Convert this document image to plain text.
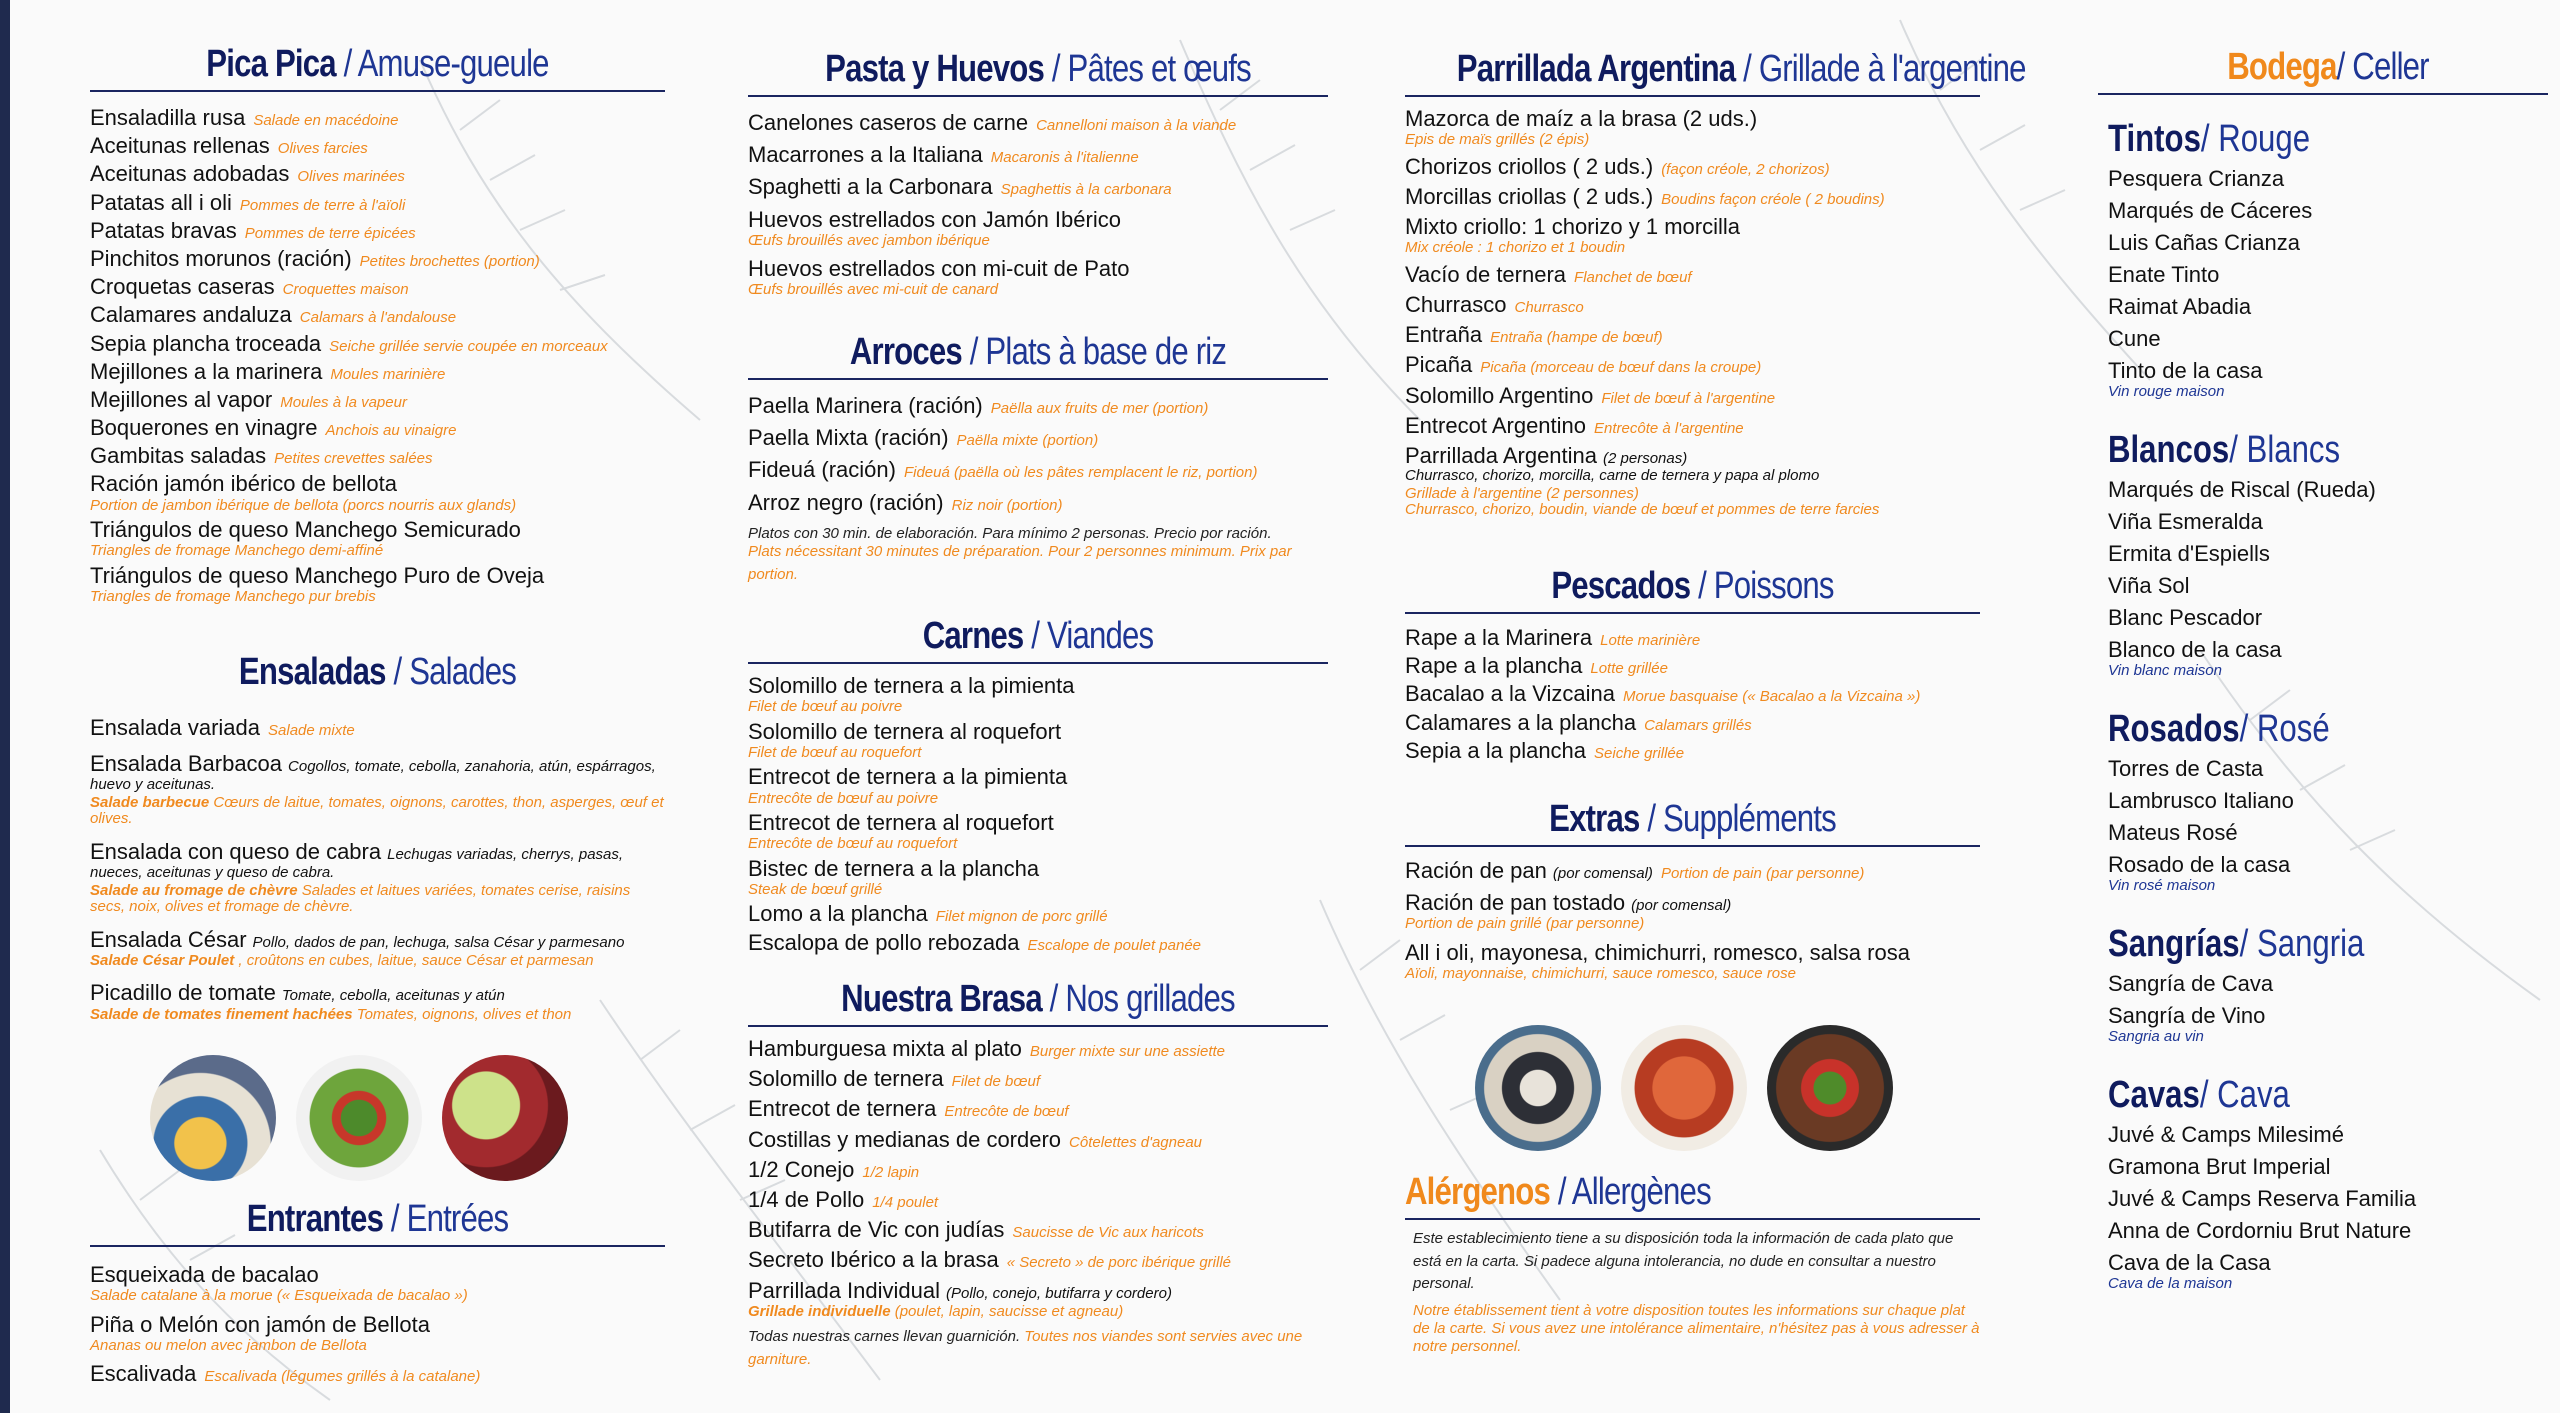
Pica Pica / Amuse-gueule
Ensaladilla rusa Salade en macédoine
Aceitunas rellenas Olives farcies
Aceitunas adobadas Olives marinées
Patatas all i oli Pommes de terre à l'aïoli
Patatas bravas Pommes de terre épicées
Pinchitos morunos (ración) Petites brochettes (portion)
Croquetas caseras Croquettes maison
Calamares andaluza Calamars à l'andalouse
Sepia plancha troceada Seiche grillée servie coupée en morceaux
Mejillones a la marinera Moules marinière
Mejillones al vapor Moules à la vapeur
Boquerones en vinagre Anchois au vinaigre
Gambitas saladas Petites crevettes salées
Ración jamón ibérico de bellota
Portion de jambon ibérique de bellota (porcs nourris aux glands)
Triángulos de queso Manchego Semicurado
Triangles de fromage Manchego demi-affiné
Triángulos de queso Manchego Puro de Oveja
Triangles de fromage Manchego pur brebis
Ensaladas / Salades
Ensalada variada Salade mixte
Ensalada Barbacoa Cogollos, tomate, cebolla, zanahoria, atún, espárragos, huevo y aceitunas.
Salade barbecue Cœurs de laitue, tomates, oignons, carottes, thon, asperges, œuf et olives.
Ensalada con queso de cabra Lechugas variadas, cherrys, pasas, nueces, aceitunas y queso de cabra.
Salade au fromage de chèvre Salades et laitues variées, tomates cerise, raisins secs, noix, olives et fromage de chèvre.
Ensalada César Pollo, dados de pan, lechuga, salsa César y parmesano
Salade César Poulet , croûtons en cubes, laitue, sauce César et parmesan
Picadillo de tomate Tomate, cebolla, aceitunas y atún
Salade de tomates finement hachées Tomates, oignons, olives et thon
Entrantes / Entrées
Esqueixada de bacalao
Salade catalane à la morue (« Esqueixada de bacalao »)
Piña o Melón con jamón de Bellota
Ananas ou melon avec jambon de Bellota
Escalivada Escalivada (légumes grillés à la catalane)
Pasta y Huevos / Pâtes et œufs
Canelones caseros de carne Cannelloni maison à la viande
Macarrones a la Italiana Macaronis à l'italienne
Spaghetti a la Carbonara Spaghettis à la carbonara
Huevos estrellados con Jamón Ibérico
Œufs brouillés avec jambon ibérique
Huevos estrellados con mi-cuit de Pato
Œufs brouillés avec mi-cuit de canard
Arroces / Plats à base de riz
Paella Marinera (ración) Paëlla aux fruits de mer (portion)
Paella Mixta (ración) Paëlla mixte (portion)
Fideuá (ración) Fideuá (paëlla où les pâtes remplacent le riz, portion)
Arroz negro (ración) Riz noir (portion)
Platos con 30 min. de elaboración. Para mínimo 2 personas. Precio por ración.
Plats nécessitant 30 minutes de préparation. Pour 2 personnes minimum. Prix par portion.
Carnes / Viandes
Solomillo de ternera a la pimienta
Filet de bœuf au poivre
Solomillo de ternera al roquefort
Filet de bœuf au roquefort
Entrecot de ternera a la pimienta
Entrecôte de bœuf au poivre
Entrecot de ternera al roquefort
Entrecôte de bœuf au roquefort
Bistec de ternera a la plancha
Steak de bœuf grillé
Lomo a la plancha Filet mignon de porc grillé
Escalopa de pollo rebozada Escalope de poulet panée
Nuestra Brasa / Nos grillades
Hamburguesa mixta al plato Burger mixte sur une assiette
Solomillo de ternera Filet de bœuf
Entrecot de ternera Entrecôte de bœuf
Costillas y medianas de cordero Côtelettes d'agneau
1/2 Conejo 1/2 lapin
1/4 de Pollo 1/4 poulet
Butifarra de Vic con judías Saucisse de Vic aux haricots
Secreto Ibérico a la brasa « Secreto » de porc ibérique grillé
Parrillada Individual (Pollo, conejo, butifarra y cordero)
Grillade individuelle (poulet, lapin, saucisse et agneau)
Todas nuestras carnes llevan guarnición. Toutes nos viandes sont servies avec une garniture.
Parrillada Argentina / Grillade à l'argentine
Mazorca de maíz a la brasa (2 uds.)
Epis de maïs grillés (2 épis)
Chorizos criollos ( 2 uds.) (façon créole, 2 chorizos)
Morcillas criollas ( 2 uds.) Boudins façon créole ( 2 boudins)
Mixto criollo: 1 chorizo y 1 morcilla
Mix créole : 1 chorizo et 1 boudin
Vacío de ternera Flanchet de bœuf
Churrasco Churrasco
Entraña Entraña (hampe de bœuf)
Picaña Picaña (morceau de bœuf dans la croupe)
Solomillo Argentino Filet de bœuf à l'argentine
Entrecot Argentino Entrecôte à l'argentine
Parrillada Argentina (2 personas)
Churrasco, chorizo, morcilla, carne de ternera y papa al plomo
Grillade à l'argentine (2 personnes)
Churrasco, chorizo, boudin, viande de bœuf et pommes de terre farcies
Pescados / Poissons
Rape a la Marinera Lotte marinière
Rape a la plancha Lotte grillée
Bacalao a la Vizcaina Morue basquaise (« Bacalao a la Vizcaina »)
Calamares a la plancha Calamars grillés
Sepia a la plancha Seiche grillée
Extras / Suppléments
Ración de pan (por comensal) Portion de pain (par personne)
Ración de pan tostado (por comensal)
Portion de pain grillé (par personne)
All i oli, mayonesa, chimichurri, romesco, salsa rosa
Aïoli, mayonnaise, chimichurri, sauce romesco, sauce rose
Alérgenos / Allergènes
Este establecimiento tiene a su disposición toda la información de cada plato que está en la carta. Si padece alguna intolerancia, no dude en consultar a nuestro personal.
Notre établissement tient à votre disposition toutes les informations sur chaque plat de la carte. Si vous avez une intolérance alimentaire, n'hésitez pas à vous adresser à notre personnel.
Bodega/ Celler
Tintos/ Rouge
Pesquera Crianza
Marqués de Cáceres
Luis Cañas Crianza
Enate Tinto
Raimat Abadia
Cune
Tinto de la casa
Vin rouge maison
Blancos/ Blancs
Marqués de Riscal (Rueda)
Viña Esmeralda
Ermita d'Espiells
Viña Sol
Blanc Pescador
Blanco de la casa
Vin blanc maison
Rosados/ Rosé
Torres de Casta
Lambrusco Italiano
Mateus Rosé
Rosado de la casa
Vin rosé maison
Sangrías/ Sangria
Sangría de Cava
Sangría de Vino
Sangria au vin
Cavas/ Cava
Juvé & Camps Milesimé
Gramona Brut Imperial
Juvé & Camps Reserva Familia
Anna de Cordorniu Brut Nature
Cava de la Casa
Cava de la maison
